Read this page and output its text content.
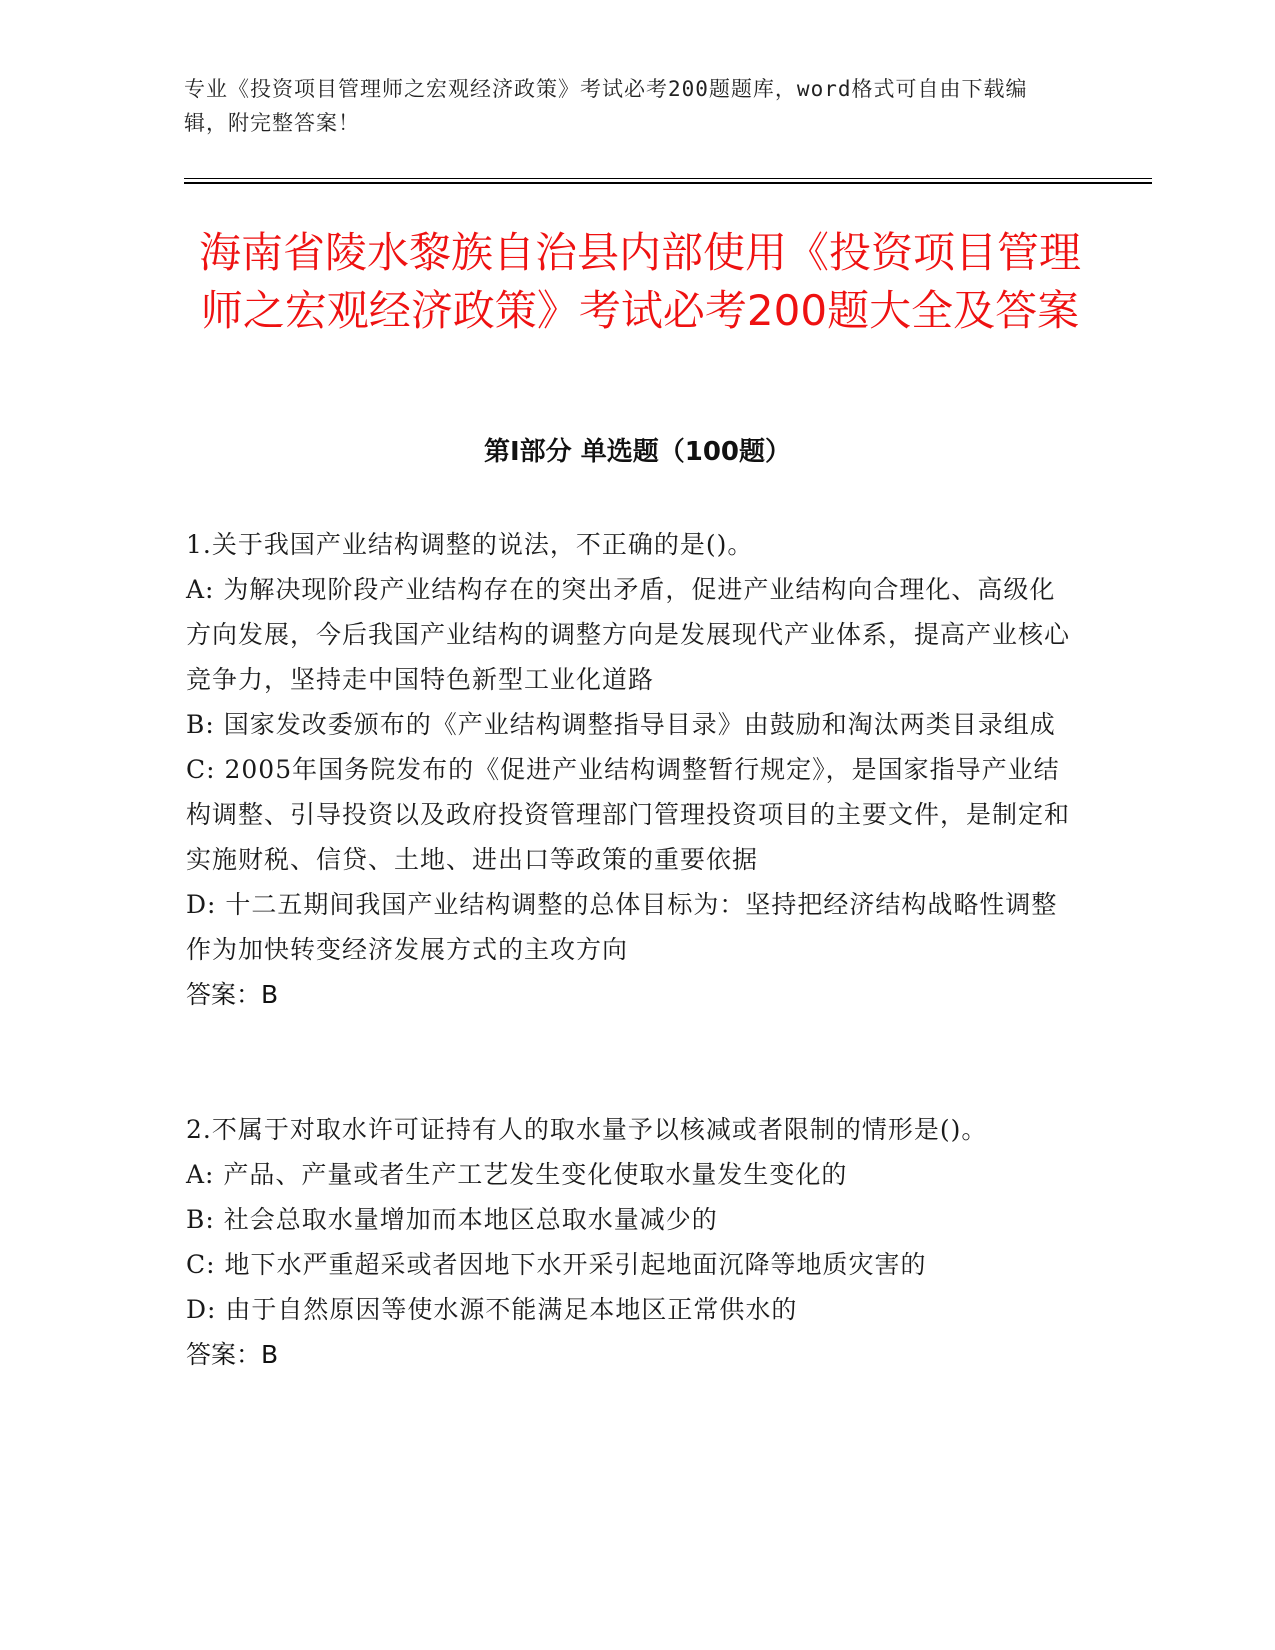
专业《投资项目管理师之宏观经济政策》考试必考200题题库，word格式可自由下载编辑，附完整答案！
海南省陵水黎族自治县内部使用《投资项目管理师之宏观经济政策》考试必考200题大全及答案
第Ⅰ部分 单选题（100题）
1.关于我国产业结构调整的说法，不正确的是()。
A: 为解决现阶段产业结构存在的突出矛盾，促进产业结构向合理化、高级化方向发展，今后我国产业结构的调整方向是发展现代产业体系，提高产业核心竞争力，坚持走中国特色新型工业化道路
B: 国家发改委颁布的《产业结构调整指导目录》由鼓励和淘汰两类目录组成
C: 2005年国务院发布的《促进产业结构调整暂行规定》，是国家指导产业结构调整、引导投资以及政府投资管理部门管理投资项目的主要文件，是制定和实施财税、信贷、土地、进出口等政策的重要依据
D: 十二五期间我国产业结构调整的总体目标为：坚持把经济结构战略性调整作为加快转变经济发展方式的主攻方向
答案：B
2.不属于对取水许可证持有人的取水量予以核减或者限制的情形是()。
A: 产品、产量或者生产工艺发生变化使取水量发生变化的
B: 社会总取水量增加而本地区总取水量减少的
C: 地下水严重超采或者因地下水开采引起地面沉降等地质灾害的
D: 由于自然原因等使水源不能满足本地区正常供水的
答案：B
